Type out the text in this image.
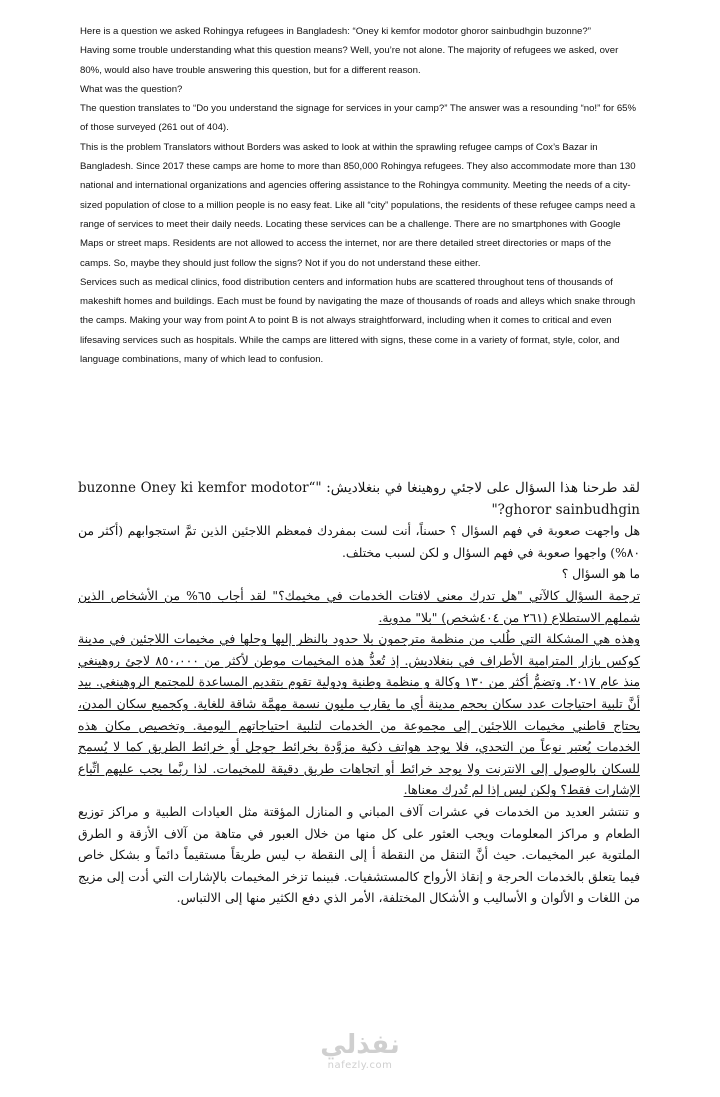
Here is a question we asked Rohingya refugees in Bangladesh: “Oney ki kemfor modotor ghoror sainbudhgin buzonne?”

Having some trouble understanding what this question means? Well, you’re not alone. The majority of refugees we asked, over 80%, would also have trouble answering this question, but for a different reason.

What was the question?

The question translates to “Do you understand the signage for services in your camp?” The answer was a resounding “no!” for 65% of those surveyed (261 out of 404).

This is the problem Translators without Borders was asked to look at within the sprawling refugee camps of Cox’s Bazar in Bangladesh. Since 2017 these camps are home to more than 850,000 Rohingya refugees. They also accommodate more than 130 national and international organizations and agencies offering assistance to the Rohingya community. Meeting the needs of a city-sized population of close to a million people is no easy feat. Like all “city” populations, the residents of these refugee camps need a range of services to meet their daily needs. Locating these services can be a challenge. There are no smartphones with Google Maps or street maps. Residents are not allowed to access the internet, nor are there detailed street directories or maps of the camps. So, maybe they should just follow the signs? Not if you do not understand these either.

Services such as medical clinics, food distribution centers and information hubs are scattered throughout tens of thousands of makeshift homes and buildings. Each must be found by navigating the maze of thousands of roads and alleys which snake through the camps. Making your way from point A to point B is not always straightforward, including when it comes to critical and even lifesaving services such as hospitals. While the camps are littered with signs, these come in a variety of format, style, color, and language combinations, many of which lead to confusion.

لقد طرحنا هذا السؤال على لاجئي روهينغا في بنغلاديش: "“buzonne Oney ki kemfor modotor ghoror sainbudhgin?"

هل واجهت صعوبة في فهم السؤال ؟ حسناً، أنت لست بمفردك فمعظم اللاجئين الذين تمَّ استجوابهم (أكثر من ٨٠%) واجهوا صعوبة في فهم السؤال و لكن لسبب مختلف.

ما هو السؤال ؟

ترجمة السؤال كالآتي "هل تدرك معنى لافتات الخدمات في مخيمك؟" لقد أجاب ٦٥% من الأشخاص الذين شملهم الاستطلاع (٢٦١ من ٤٠٤شخص) "بلا" مدوية.

وهذه هي المشكلة التي طُلب من منظمة مترجمون بلا حدود بالنظر إليها وحلها في مخيمات اللاجئين في مدينة كوكس بازار المترامية الأطراف في بنغلاديش. إذ تُعدُّ هذه المخيمات موطن لأكثر من ٨٥٠،٠٠٠ لاجئ روهينغي منذ عام ٢٠١٧. وتضمُّ أكثر من ١٣٠ وكالة و منظمة وطنية ودولية تقوم بتقديم المساعدة للمجتمع الروهينغي. بيد أنَّ تلبية احتياجات عدد سكان بحجم مدينة أي ما يقارب مليون نسمة مهمَّة شاقة للغاية. وكجميع سكان المدن، يحتاج قاطني مخيمات اللاجئين إلى مجموعة من الخدمات لتلبية احتياجاتهم اليومية. وتخصيص مكان هذه الخدمات يُعتبر نوعاً من التحدي، فلا يوجد هواتف ذكية مزوَّدة بخرائط جوجل أو خرائط الطريق كما لا يُسمح للسكان بالوصول إلى الانترنت ولا يوجد خرائط أو اتجاهات طريق دقيقة للمخيمات. لذا ربَّما يجب عليهم اتِّباع الإشارات فقط؟ ولكن ليس إذا لم تُدرك معناها.

و تنتشر العديد من الخدمات في عشرات آلاف المباني و المنازل المؤقتة مثل العيادات الطبية و مراكز توزيع الطعام و مراكز المعلومات ويجب العثور على كل منها من خلال العبور في متاهة من آلاف الأزقة و الطرق الملتوية عبر المخيمات. حيث أنَّ التنقل من النقطة أ إلى النقطة ب ليس طريقاً مستقيماً دائماً و بشكل خاص فيما يتعلق بالخدمات الحرجة و إنقاذ الأرواح كالمستشفيات. فبينما تزخر المخيمات بالإشارات التي أدت إلى مزيج من اللغات و الألوان و الأساليب و الأشكال المختلفة، الأمر الذي دفع الكثير منها إلى الالتباس.

نفذلي
nafezly.com
